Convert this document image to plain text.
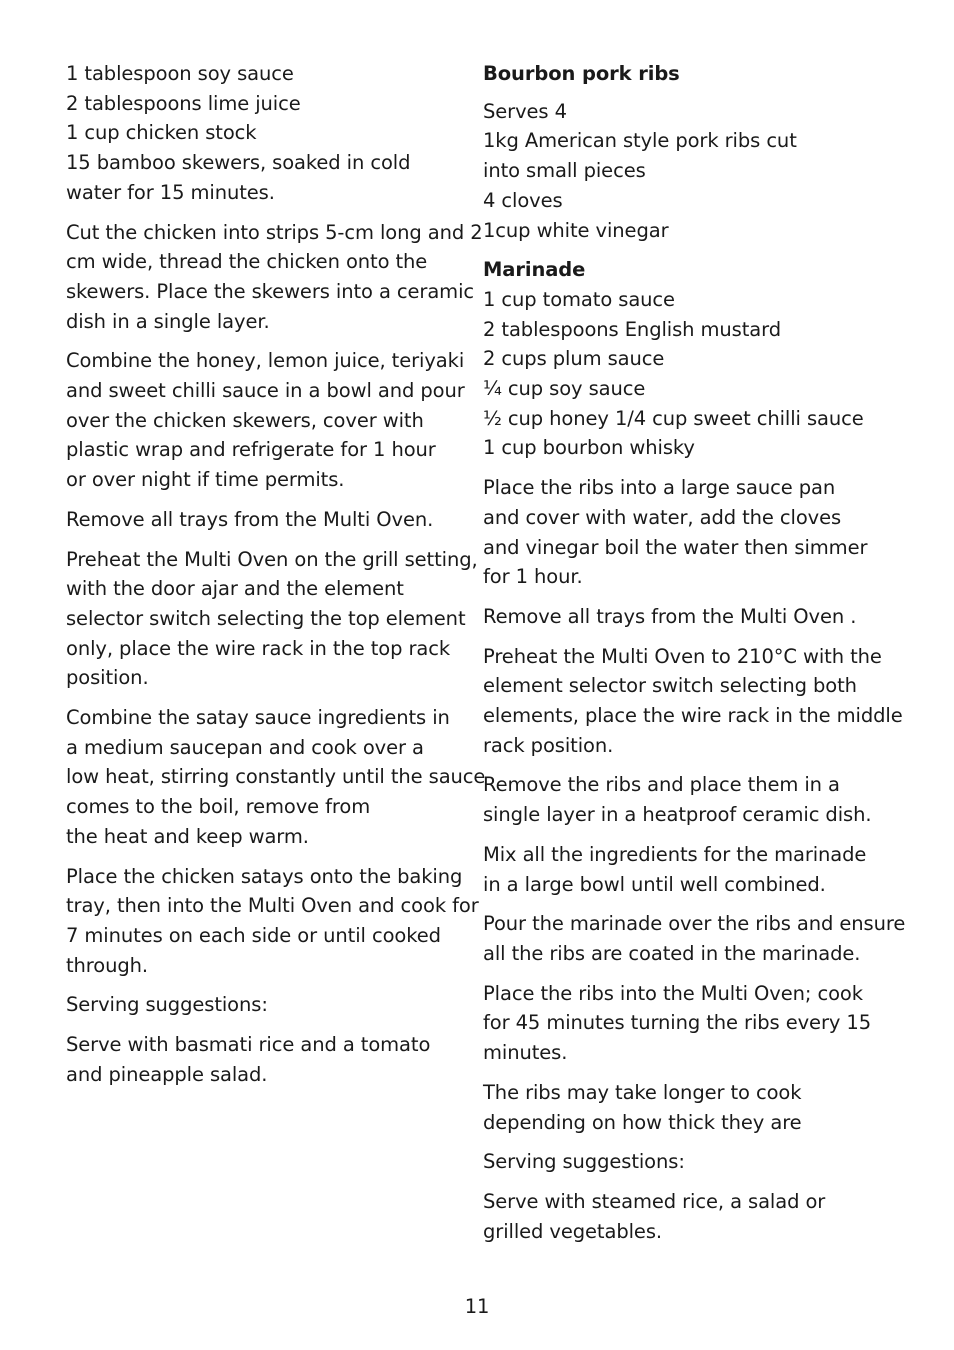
1 tablespoon soy sauce
2 tablespoons lime juice
1 cup chicken stock
15 bamboo skewers, soaked in cold
water for 15 minutes.

Cut the chicken into strips 5-cm long and 2
cm wide, thread the chicken onto the
skewers. Place the skewers into a ceramic
dish in a single layer.

Combine the honey, lemon juice, teriyaki
and sweet chilli sauce in a bowl and pour
over the chicken skewers, cover with
plastic wrap and refrigerate for 1 hour
or over night if time permits.

Remove all trays from the Multi Oven.

Preheat the Multi Oven on the grill setting,
with the door ajar and the element
selector switch selecting the top element
only, place the wire rack in the top rack
position.

Combine the satay sauce ingredients in
a medium saucepan and cook over a
low heat, stirring constantly until the sauce
comes to the boil, remove from
the heat and keep warm.

Place the chicken satays onto the baking
tray, then into the Multi Oven and cook for
7 minutes on each side or until cooked
through.

Serving suggestions:

Serve with basmati rice and a tomato
and pineapple salad.

Bourbon pork ribs

Serves 4
1kg American style pork ribs cut
into small pieces
4 cloves
1cup white vinegar

Marinade

1 cup tomato sauce
2 tablespoons English mustard
2 cups plum sauce
¼ cup soy sauce
½ cup honey 1/4 cup sweet chilli sauce
1 cup bourbon whisky

Place the ribs into a large sauce pan
and cover with water, add the cloves
and vinegar boil the water then simmer
for 1 hour.

Remove all trays from the Multi Oven .

Preheat the Multi Oven to 210°C with the
element selector switch selecting both
elements, place the wire rack in the middle
rack position.

Remove the ribs and place them in a
single layer in a heatproof ceramic dish.

Mix all the ingredients for the marinade
in a large bowl until well combined.

Pour the marinade over the ribs and ensure
all the ribs are coated in the marinade.

Place the ribs into the Multi Oven; cook
for 45 minutes turning the ribs every 15
minutes.

The ribs may take longer to cook
depending on how thick they are

Serving suggestions:

Serve with steamed rice, a salad or
grilled vegetables.

11
